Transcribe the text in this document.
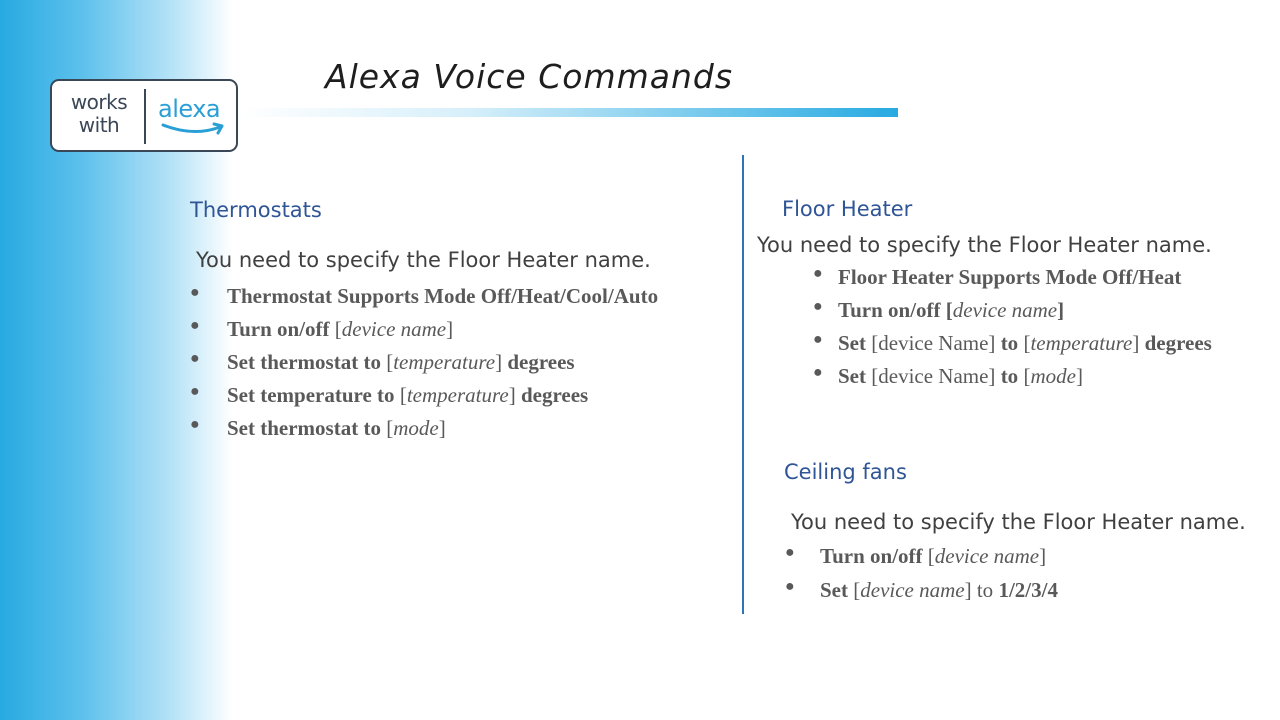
works
with
alexa
Alexa Voice Commands
Thermostats
You need to specify the Floor Heater name.
● Thermostat Supports Mode Off/Heat/Cool/Auto
● Turn on/off [device name]
● Set thermostat to [temperature] degrees
● Set temperature to [temperature] degrees
● Set thermostat to [mode]
Floor Heater
You need to specify the Floor Heater name.
● Floor Heater Supports Mode Off/Heat
● Turn on/off [device name]
● Set [device Name] to [temperature] degrees
● Set [device Name] to [mode]
Ceiling fans
You need to specify the Floor Heater name.
● Turn on/off [device name]
● Set [device name] to 1/2/3/4
